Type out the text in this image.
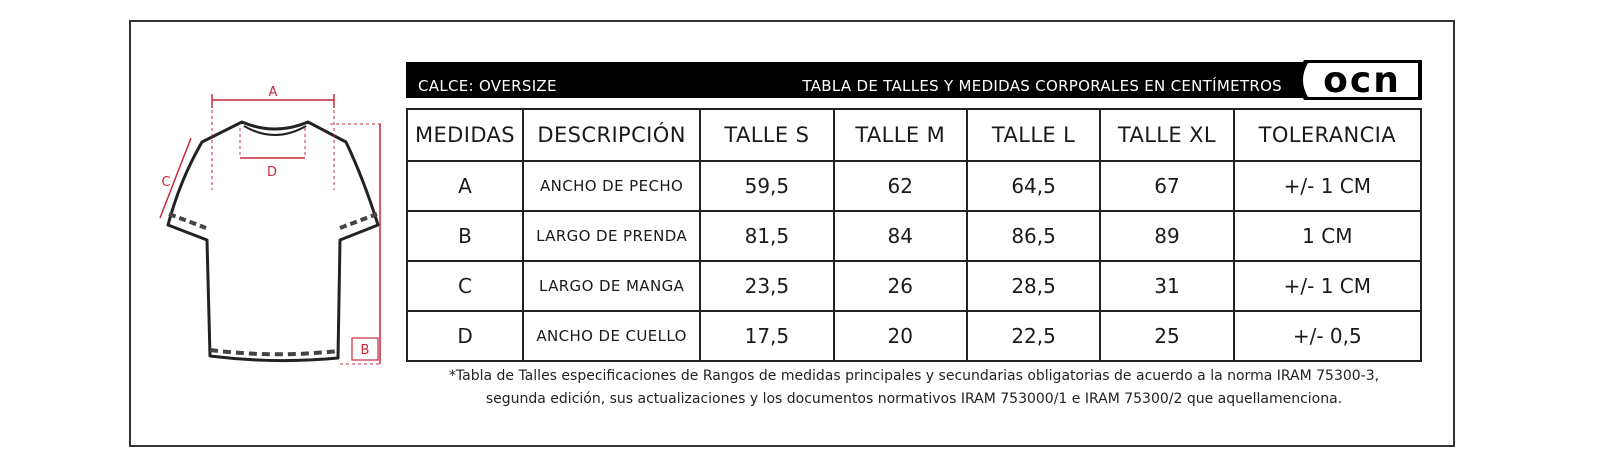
A
D
C
B
CALCE: OVERSIZE	TABLA DE TALLES Y MEDIDAS CORPORALES EN CENTÍMETROS ocn
MEDIDAS	DESCRIPCIÓN	TALLE S	TALLE M	TALLE L	TALLE XL	TOLERANCIA
A	ANCHO DE PECHO	59,5	62	64,5	67	+/- 1 CM
B	LARGO DE PRENDA	81,5	84	86,5	89	1 CM
C	LARGO DE MANGA	23,5	26	28,5	31	+/- 1 CM
D	ANCHO DE CUELLO	17,5	20	22,5	25	+/- 0,5
*Tabla de Talles especificaciones de Rangos de medidas principales y secundarias obligatorias de acuerdo a la norma IRAM 75300-3,
segunda edición, sus actualizaciones y los documentos normativos IRAM 753000/1 e IRAM 75300/2 que aquellamenciona.
